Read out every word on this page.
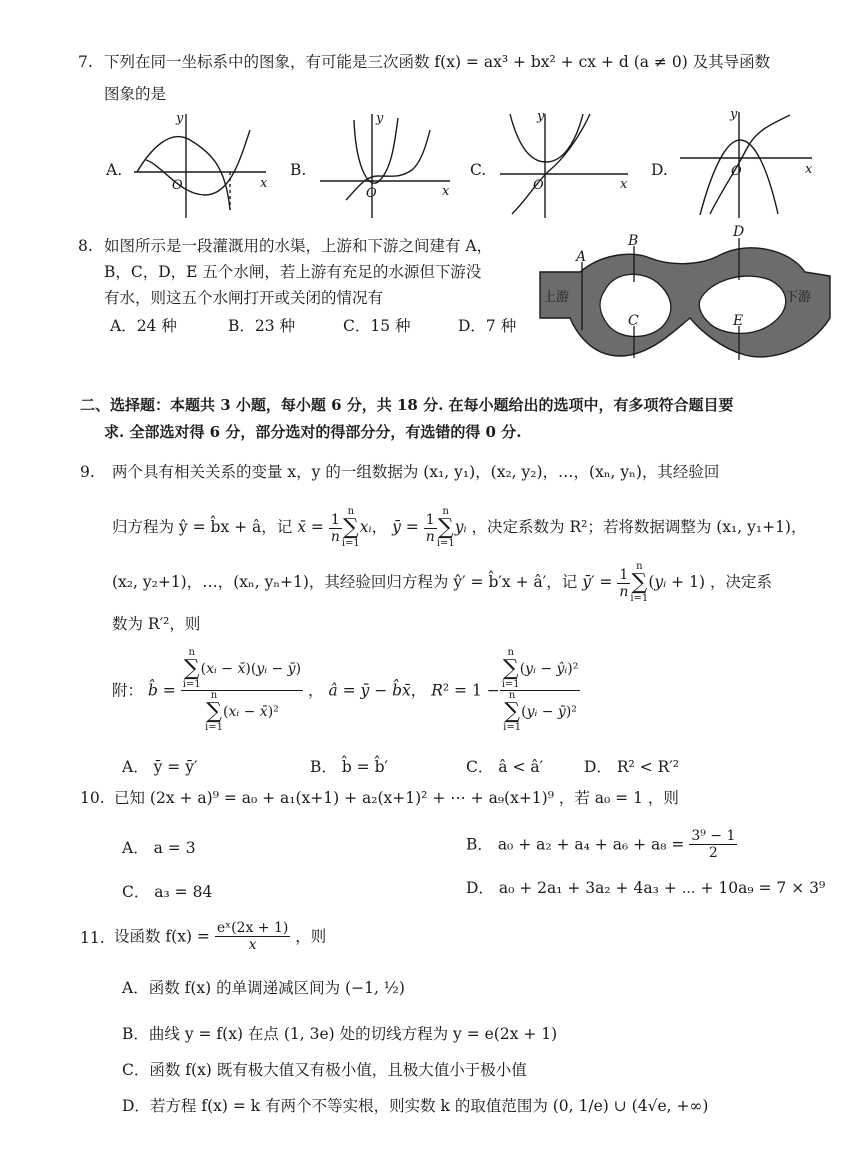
7. 下列在同一坐标系中的图象，有可能是三次函数 f(x) = ax³ + bx² + cx + d (a ≠ 0) 及其导函数
图象的是
A.	B.	C.	D.
O	x
y
O	x
y
O	x
y
O	x
y
A
B
C
D
E
上游	下游
8. 如图所示是一段灌溉用的水渠，上游和下游之间建有 A，
B，C，D，E 五个水闸，若上游有充足的水源但下游没
有水，则这五个水闸打开或关闭的情况有
A．24 种	B．23 种	C．15 种	D．7 种
二、选择题：本题共 3 小题，每小题 6 分，共 18 分. 在每小题给出的选项中，有多项符合题目要
求. 全部选对得 6 分，部分选对的得部分分，有选错的得 0 分.
9. 两个具有相关关系的变量 x，y 的一组数据为 (x₁, y₁)，(x₂, y₂)，…，(xₙ, yₙ)，其经验回
归方程为 ŷ = b̂x + â，记 x̄ = $\frac{1}{n}$ n
∑
i=1xᵢ， ȳ = $\frac{1}{n}$ n
∑
i=1yᵢ ，决定系数为 R²；若将数据调整为 (x₁, y₁+1)，
(x₂, y₂+1)，…，(xₙ, yₙ+1)，其经验回归方程为 ŷ′ = b̂′x + â′，记 ȳ′ = $\frac{1}{n}$ n
∑
i=1(yᵢ + 1) ，决定系
数为 R′²，则
附： b̂ = n
∑
i=1(xᵢ − x̄)(yᵢ − ȳ)
n
∑
i=1(xᵢ − x̄)² ， â = ȳ − b̂x̄， R² = 1 − n
∑
i=1(yᵢ − ŷᵢ)²
n
∑
i=1(yᵢ − ȳ)²
A． ȳ = ȳ′	B． b̂ = b̂′	C． â < â′	D． R² < R′²
10. 已知 (2x + a)⁹ = a₀ + a₁(x+1) + a₂(x+1)² + ⋯ + a₉(x+1)⁹ ，若 a₀ = 1 ，则
A． a = 3	B． $a_0 + a_2 + a_4 + a_6 + a_8 = \frac{\text{3⁹ − 1}}{2}$
C． a₃ = 84	D． a₀ + 2a₁ + 3a₂ + 4a₃ + ⋯ + 10a₉ = 7 × 3⁹
11. 设函数 $f(x) = \frac{\text{eˣ(2x + 1)}}{x}$ ，则
A．函数 f(x) 的单调递减区间为 (−1, ½)
B．曲线 y = f(x) 在点 (1, 3e) 处的切线方程为 y = e(2x + 1)
C．函数 f(x) 既有极大值又有极小值，且极大值小于极小值
D．若方程 f(x) = k 有两个不等实根，则实数 k 的取值范围为 (0, 1/e) ∪ (4√e, +∞)
